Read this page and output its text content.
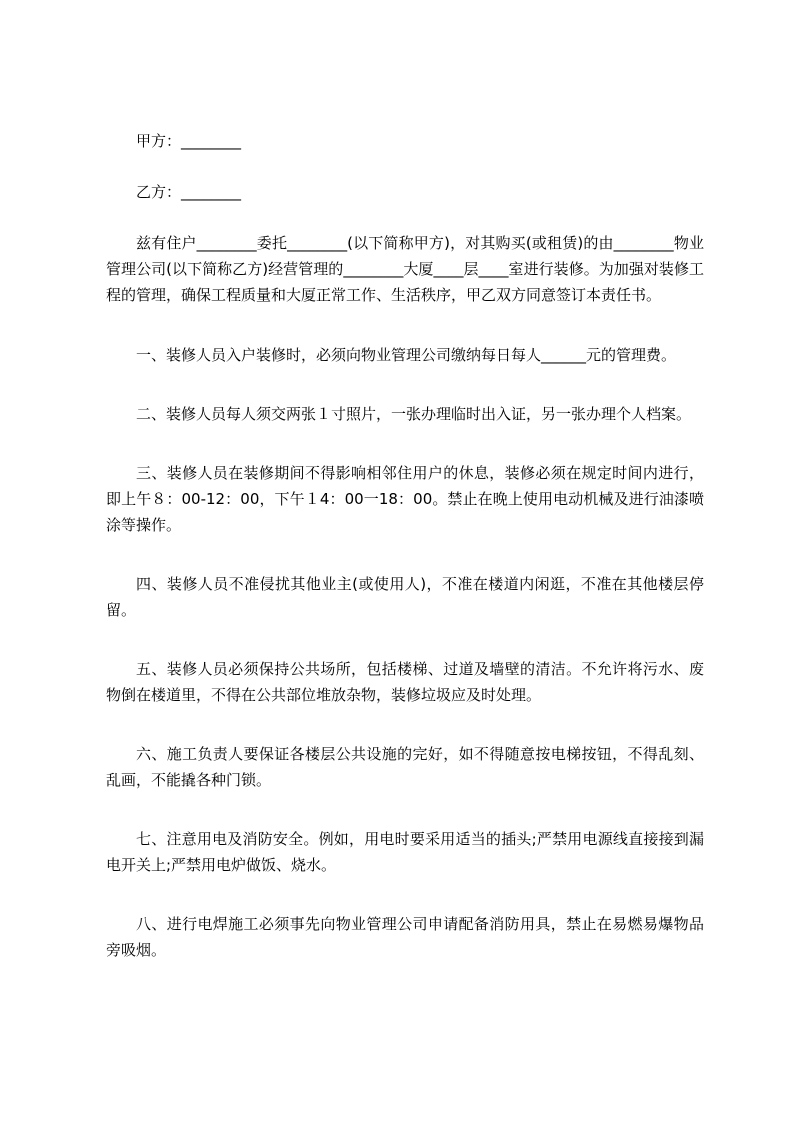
甲方：________

乙方：________

兹有住户________委托________(以下简称甲方)，对其购买(或租赁)的由________物业管理公司(以下简称乙方)经营管理的________大厦____层____室进行装修。为加强对装修工程的管理，确保工程质量和大厦正常工作、生活秩序，甲乙双方同意签订本责任书。

一、装修人员入户装修时，必须向物业管理公司缴纳每日每人______元的管理费。

二、装修人员每人须交两张１寸照片，一张办理临时出入证，另一张办理个人档案。

三、装修人员在装修期间不得影响相邻住用户的休息，装修必须在规定时间内进行，即上午８：00-12：00，下午１4：00一18：00。禁止在晚上使用电动机械及进行油漆喷涂等操作。

四、装修人员不准侵扰其他业主(或使用人)，不准在楼道内闲逛，不准在其他楼层停留。

五、装修人员必须保持公共场所，包括楼梯、过道及墙壁的清洁。不允许将污水、废物倒在楼道里，不得在公共部位堆放杂物，装修垃圾应及时处理。

六、施工负责人要保证各楼层公共设施的完好，如不得随意按电梯按钮，不得乱刻、乱画，不能撬各种门锁。

七、注意用电及消防安全。例如，用电时要采用适当的插头;严禁用电源线直接接到漏电开关上;严禁用电炉做饭、烧水。

八、进行电焊施工必须事先向物业管理公司申请配备消防用具，禁止在易燃易爆物品旁吸烟。
